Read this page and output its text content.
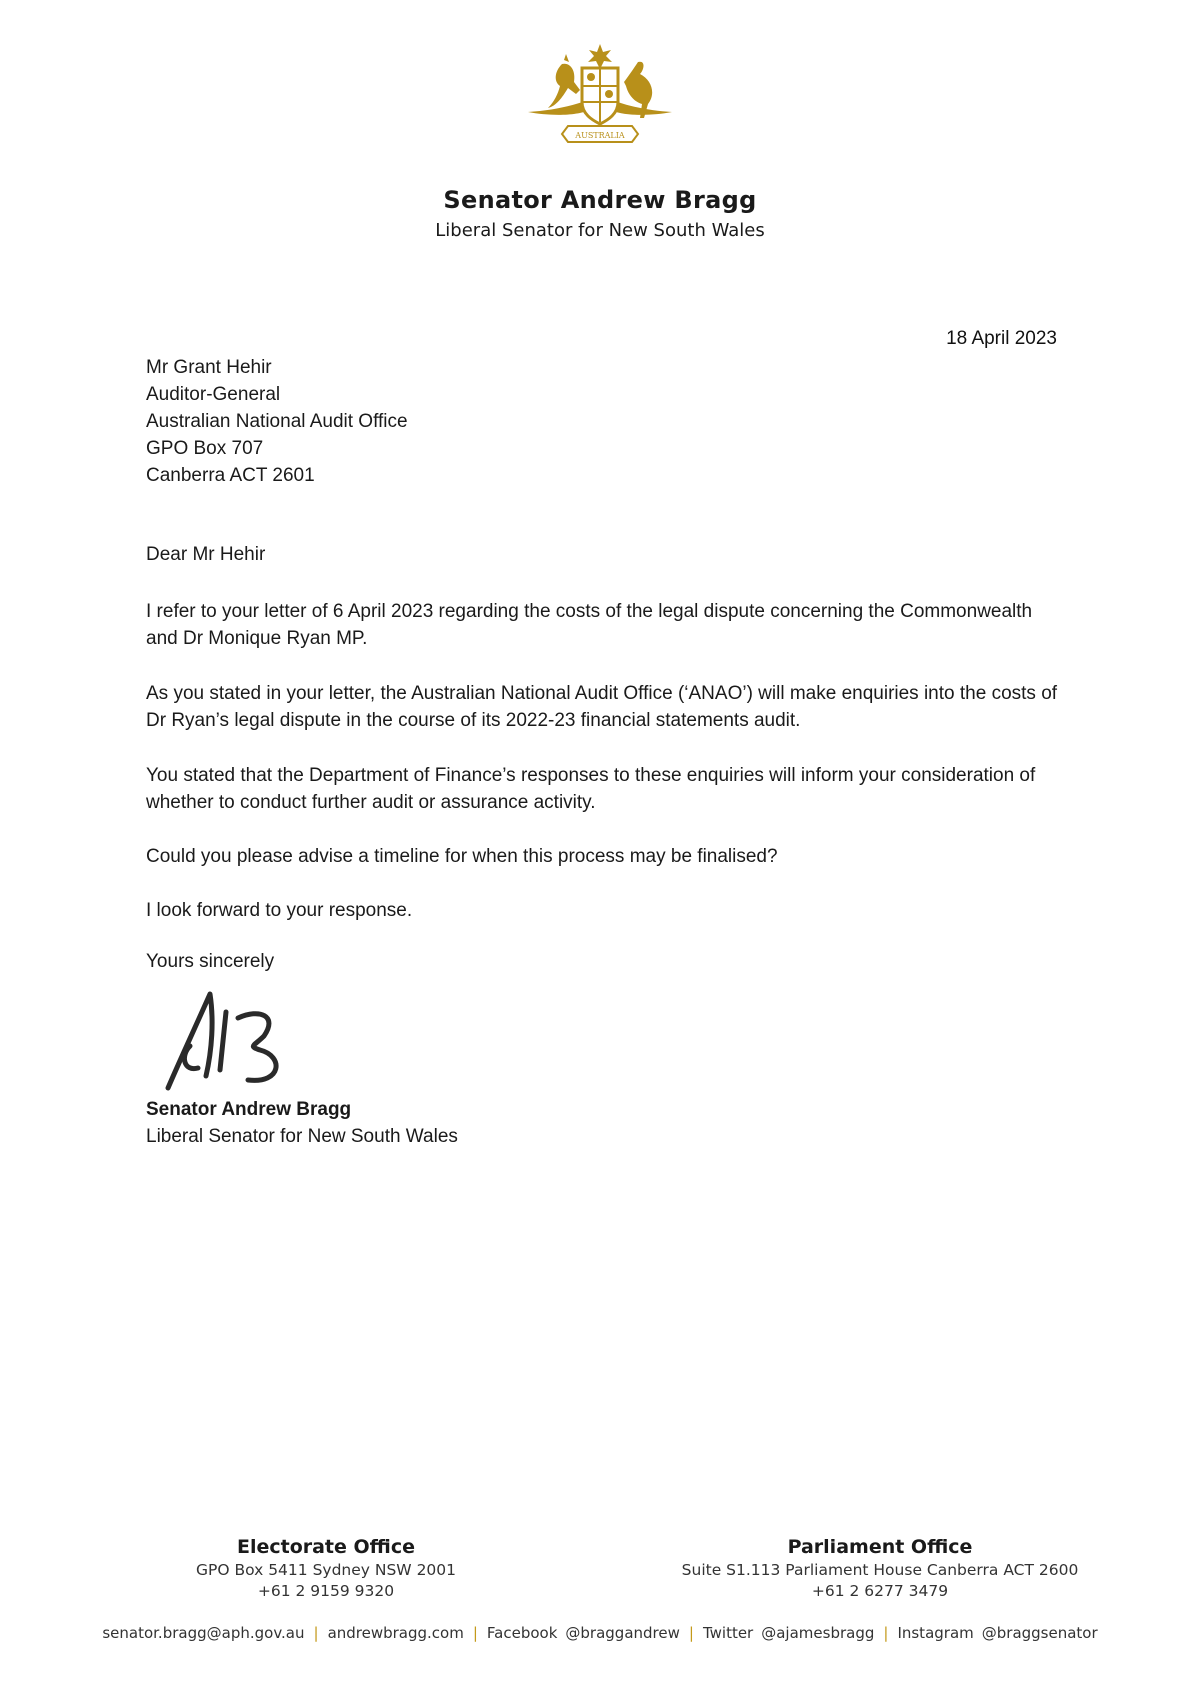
AUSTRALIA
Senator Andrew Bragg
Liberal Senator for New South Wales
18 April 2023
Mr Grant Hehir
Auditor-General
Australian National Audit Office
GPO Box 707
Canberra ACT 2601
Dear Mr Hehir
I refer to your letter of 6 April 2023 regarding the costs of the legal dispute concerning the Commonwealth and Dr Monique Ryan MP.
As you stated in your letter, the Australian National Audit Office (‘ANAO’) will make enquiries into the costs of Dr Ryan’s legal dispute in the course of its 2022-23 financial statements audit.
You stated that the Department of Finance’s responses to these enquiries will inform your consideration of whether to conduct further audit or assurance activity.
Could you please advise a timeline for when this process may be finalised?
I look forward to your response.
Yours sincerely
Senator Andrew Bragg
Liberal Senator for New South Wales
Electorate Office
GPO Box 5411 Sydney NSW 2001
+61 2 9159 9320
Parliament Office
Suite S1.113 Parliament House Canberra ACT 2600
+61 2 6277 3479
senator.bragg@aph.gov.au | andrewbragg.com | Facebook @braggandrew | Twitter @ajamesbragg | Instagram @braggsenator
